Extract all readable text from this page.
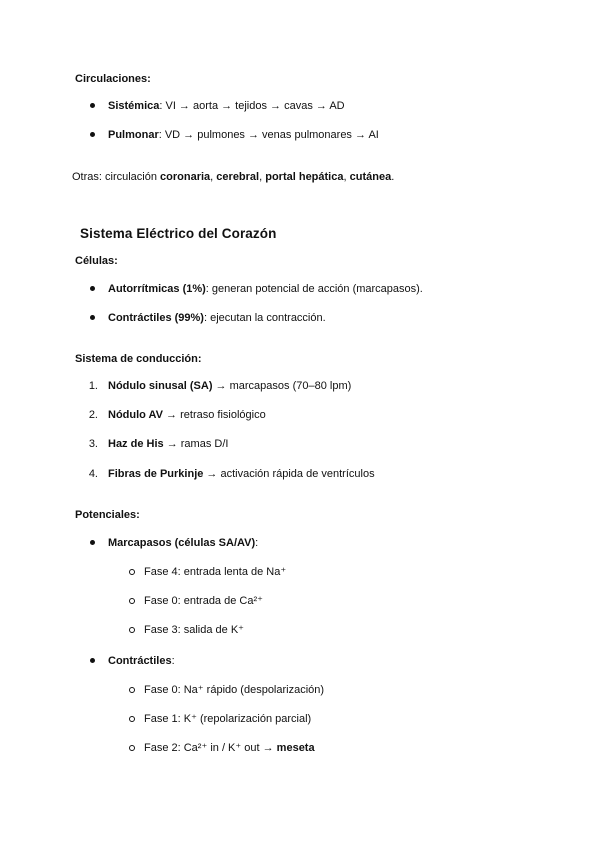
Circulaciones:
Sistémica: VI → aorta → tejidos → cavas → AD
Pulmonar: VD → pulmones → venas pulmonares → AI
Otras: circulación coronaria, cerebral, portal hepática, cutánea.
Sistema Eléctrico del Corazón
Células:
Autorrítmicas (1%): generan potencial de acción (marcapasos).
Contráctiles (99%): ejecutan la contracción.
Sistema de conducción:
1. Nódulo sinusal (SA) → marcapasos (70–80 lpm)
2. Nódulo AV → retraso fisiológico
3. Haz de His → ramas D/I
4. Fibras de Purkinje → activación rápida de ventrículos
Potenciales:
Marcapasos (células SA/AV):
Fase 4: entrada lenta de Na⁺
Fase 0: entrada de Ca²⁺
Fase 3: salida de K⁺
Contráctiles:
Fase 0: Na⁺ rápido (despolarización)
Fase 1: K⁺ (repolarización parcial)
Fase 2: Ca²⁺ in / K⁺ out → meseta
